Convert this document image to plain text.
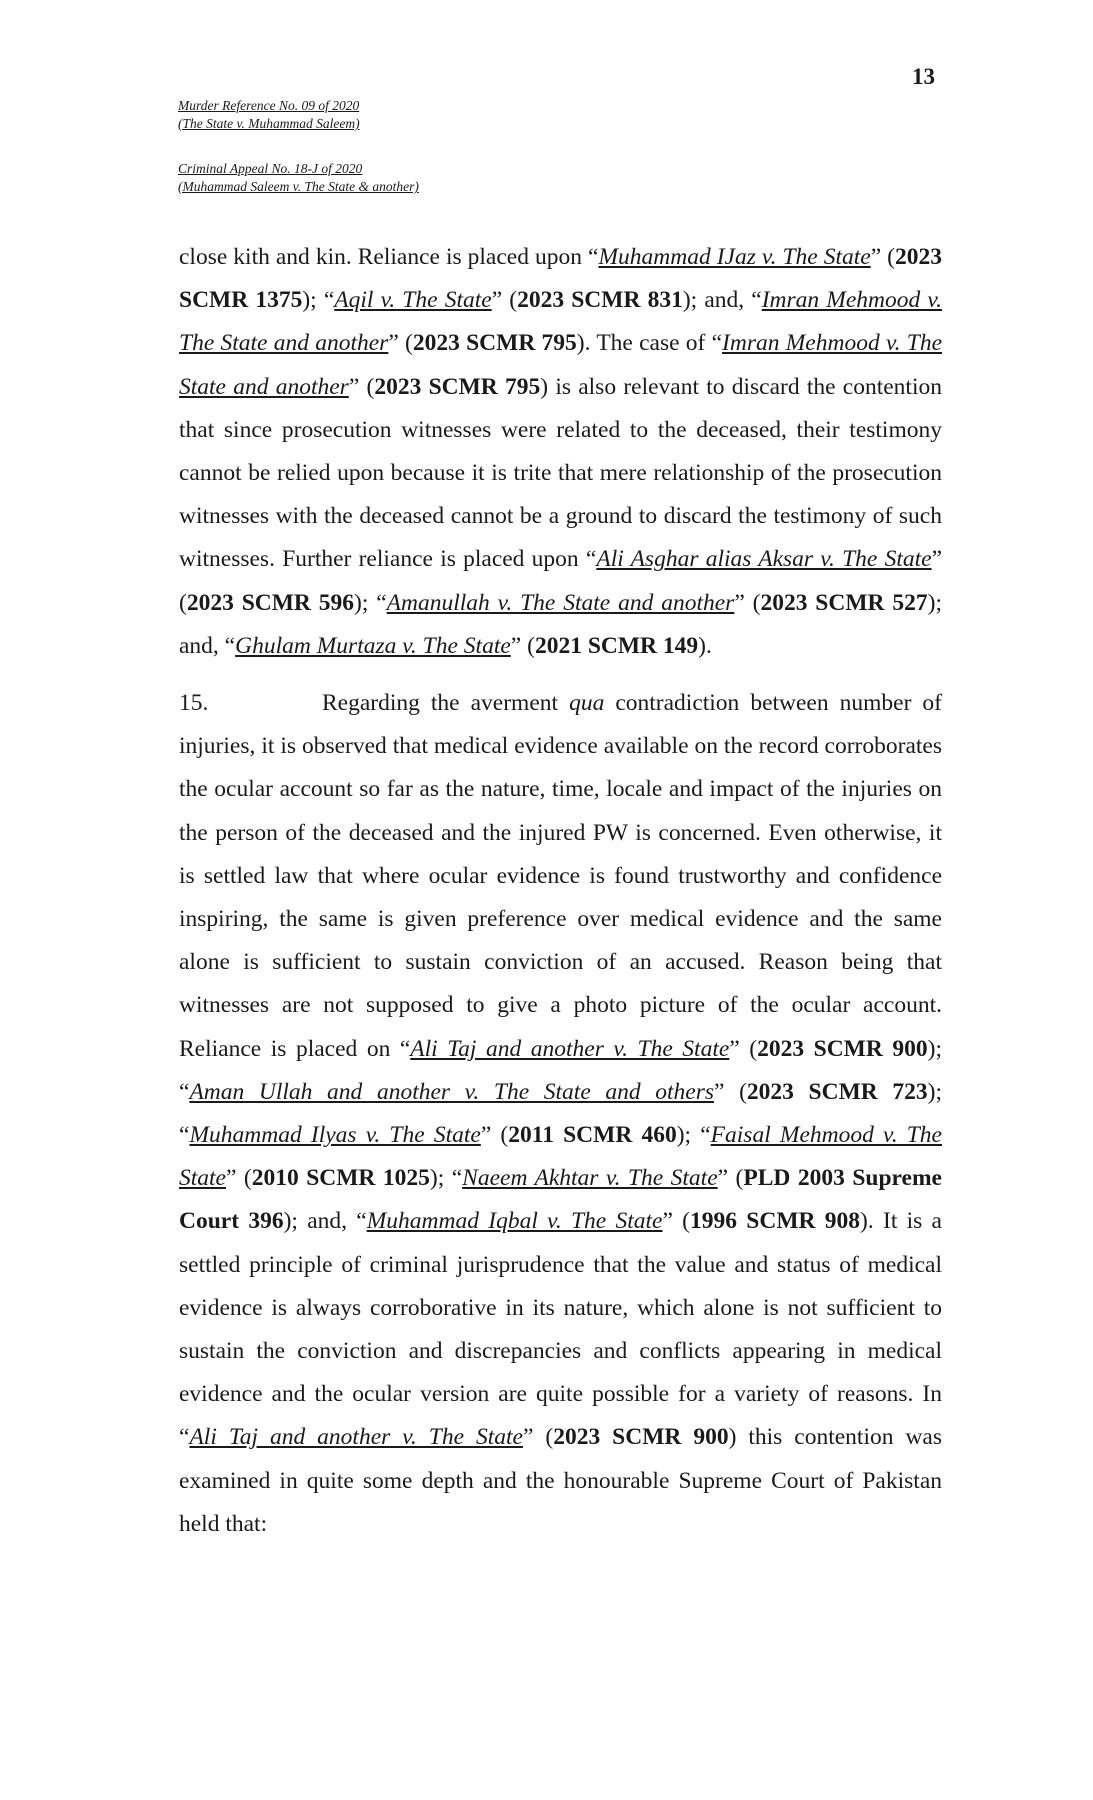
13
Murder Reference No. 09 of 2020
(The State v. Muhammad Saleem)
Criminal Appeal No. 18-J of 2020
(Muhammad Saleem v. The State & another)

close kith and kin. Reliance is placed upon “Muhammad IJaz v. The State” (2023 SCMR 1375); “Aqil v. The State” (2023 SCMR 831); and, “Imran Mehmood v. The State and another” (2023 SCMR 795). The case of “Imran Mehmood v. The State and another” (2023 SCMR 795) is also relevant to discard the contention that since prosecution witnesses were related to the deceased, their testimony cannot be relied upon because it is trite that mere relationship of the prosecution witnesses with the deceased cannot be a ground to discard the testimony of such witnesses. Further reliance is placed upon “Ali Asghar alias Aksar v. The State” (2023 SCMR 596); “Amanullah v. The State and another” (2023 SCMR 527); and, “Ghulam Murtaza v. The State” (2021 SCMR 149).

15.	Regarding the averment qua contradiction between number of injuries, it is observed that medical evidence available on the record corroborates the ocular account so far as the nature, time, locale and impact of the injuries on the person of the deceased and the injured PW is concerned. Even otherwise, it is settled law that where ocular evidence is found trustworthy and confidence inspiring, the same is given preference over medical evidence and the same alone is sufficient to sustain conviction of an accused. Reason being that witnesses are not supposed to give a photo picture of the ocular account. Reliance is placed on “Ali Taj and another v. The State” (2023 SCMR 900); “Aman Ullah and another v. The State and others” (2023 SCMR 723); “Muhammad Ilyas v. The State” (2011 SCMR 460); “Faisal Mehmood v. The State” (2010 SCMR 1025); “Naeem Akhtar v. The State” (PLD 2003 Supreme Court 396); and, “Muhammad Iqbal v. The State” (1996 SCMR 908). It is a settled principle of criminal jurisprudence that the value and status of medical evidence is always corroborative in its nature, which alone is not sufficient to sustain the conviction and discrepancies and conflicts appearing in medical evidence and the ocular version are quite possible for a variety of reasons. In “Ali Taj and another v. The State” (2023 SCMR 900) this contention was examined in quite some depth and the honourable Supreme Court of Pakistan held that:
